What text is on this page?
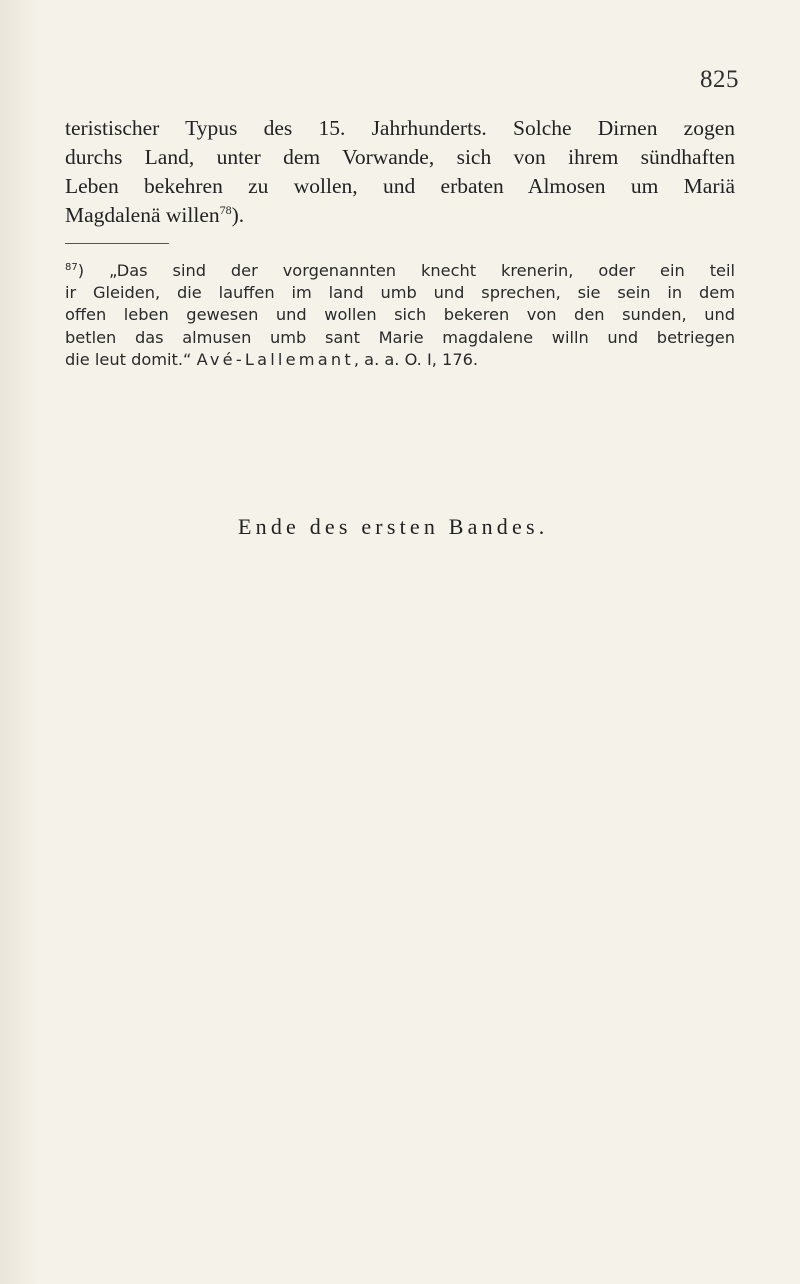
825
teristischer Typus des 15. Jahrhunderts. Solche Dirnen zogen
durchs Land, unter dem Vorwande, sich von ihrem sündhaften
Leben bekehren zu wollen, und erbaten Almosen um Mariä
Magdalenä willen$^{78}$).
$^{87}$) „Das sind der vorgenannten knecht krenerin, oder ein teil
ir Gleiden, die lauffen im land umb und sprechen, sie sein in dem
offen leben gewesen und wollen sich bekeren von den sunden, und
betlen das almusen umb sant Marie magdalene willn und betriegen
die leut domit.“ Avé-Lallemant, a. a. O. I, 176.
Ende des ersten Bandes.
